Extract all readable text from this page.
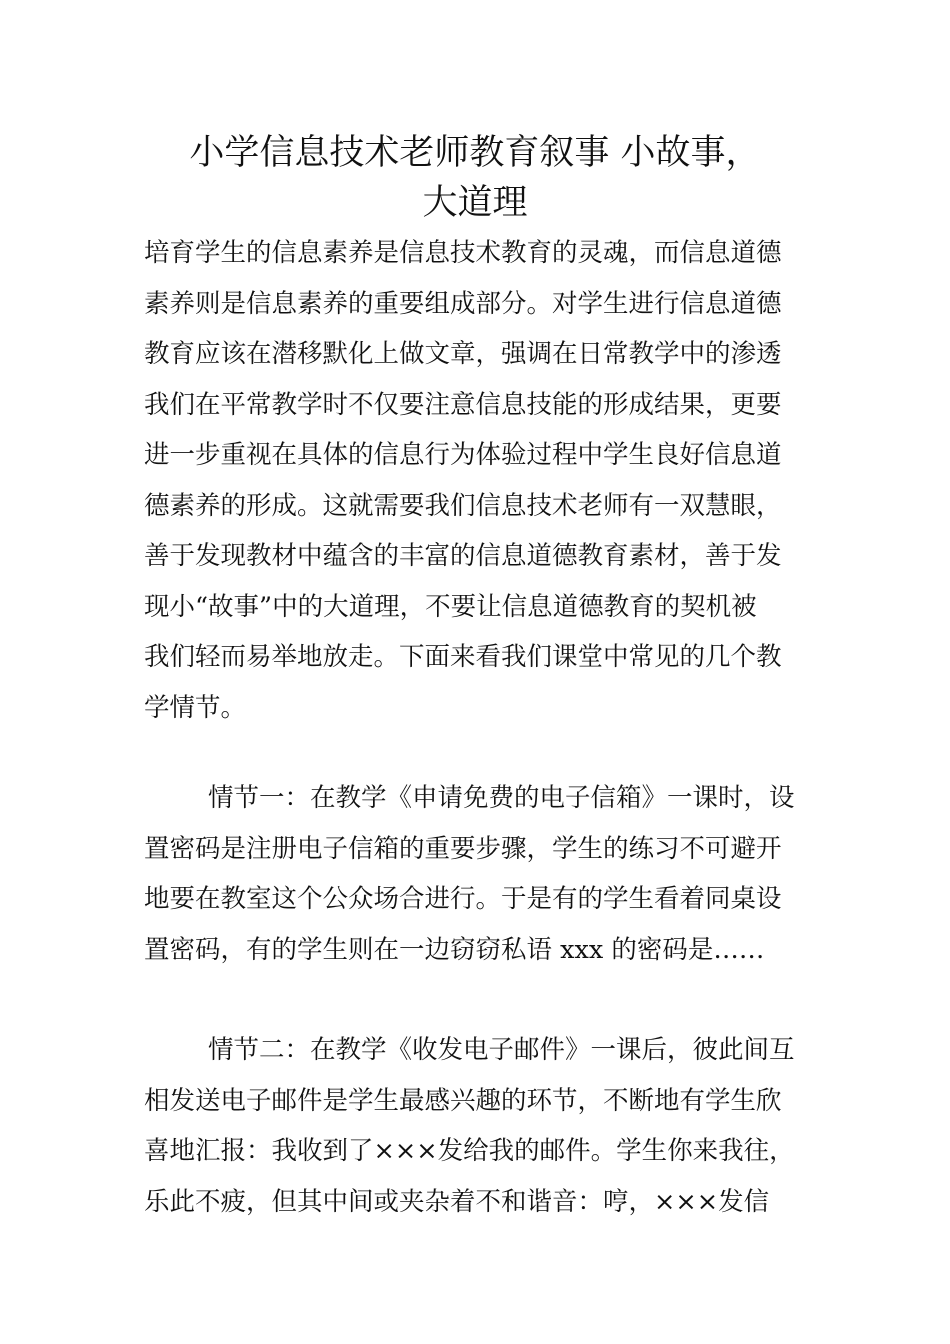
小学信息技术老师教育叙事 小故事，
大道理
培育学生的信息素养是信息技术教育的灵魂，而信息道德
素养则是信息素养的重要组成部分。对学生进行信息道德
教育应该在潜移默化上做文章，强调在日常教学中的渗透
我们在平常教学时不仅要注意信息技能的形成结果，更要
进一步重视在具体的信息行为体验过程中学生良好信息道
德素养的形成。这就需要我们信息技术老师有一双慧眼，
善于发现教材中蕴含的丰富的信息道德教育素材，善于发
现小“故事”中的大道理，不要让信息道德教育的契机被
我们轻而易举地放走。下面来看我们课堂中常见的几个教
学情节。
情节一：在教学《申请免费的电子信箱》一课时，设
置密码是注册电子信箱的重要步骤，学生的练习不可避开
地要在教室这个公众场合进行。于是有的学生看着同桌设
置密码，有的学生则在一边窃窃私语 xxx 的密码是……
情节二：在教学《收发电子邮件》一课后，彼此间互
相发送电子邮件是学生最感兴趣的环节，不断地有学生欣
喜地汇报：我收到了×××发给我的邮件。学生你来我往，
乐此不疲，但其中间或夹杂着不和谐音：哼，×××发信
